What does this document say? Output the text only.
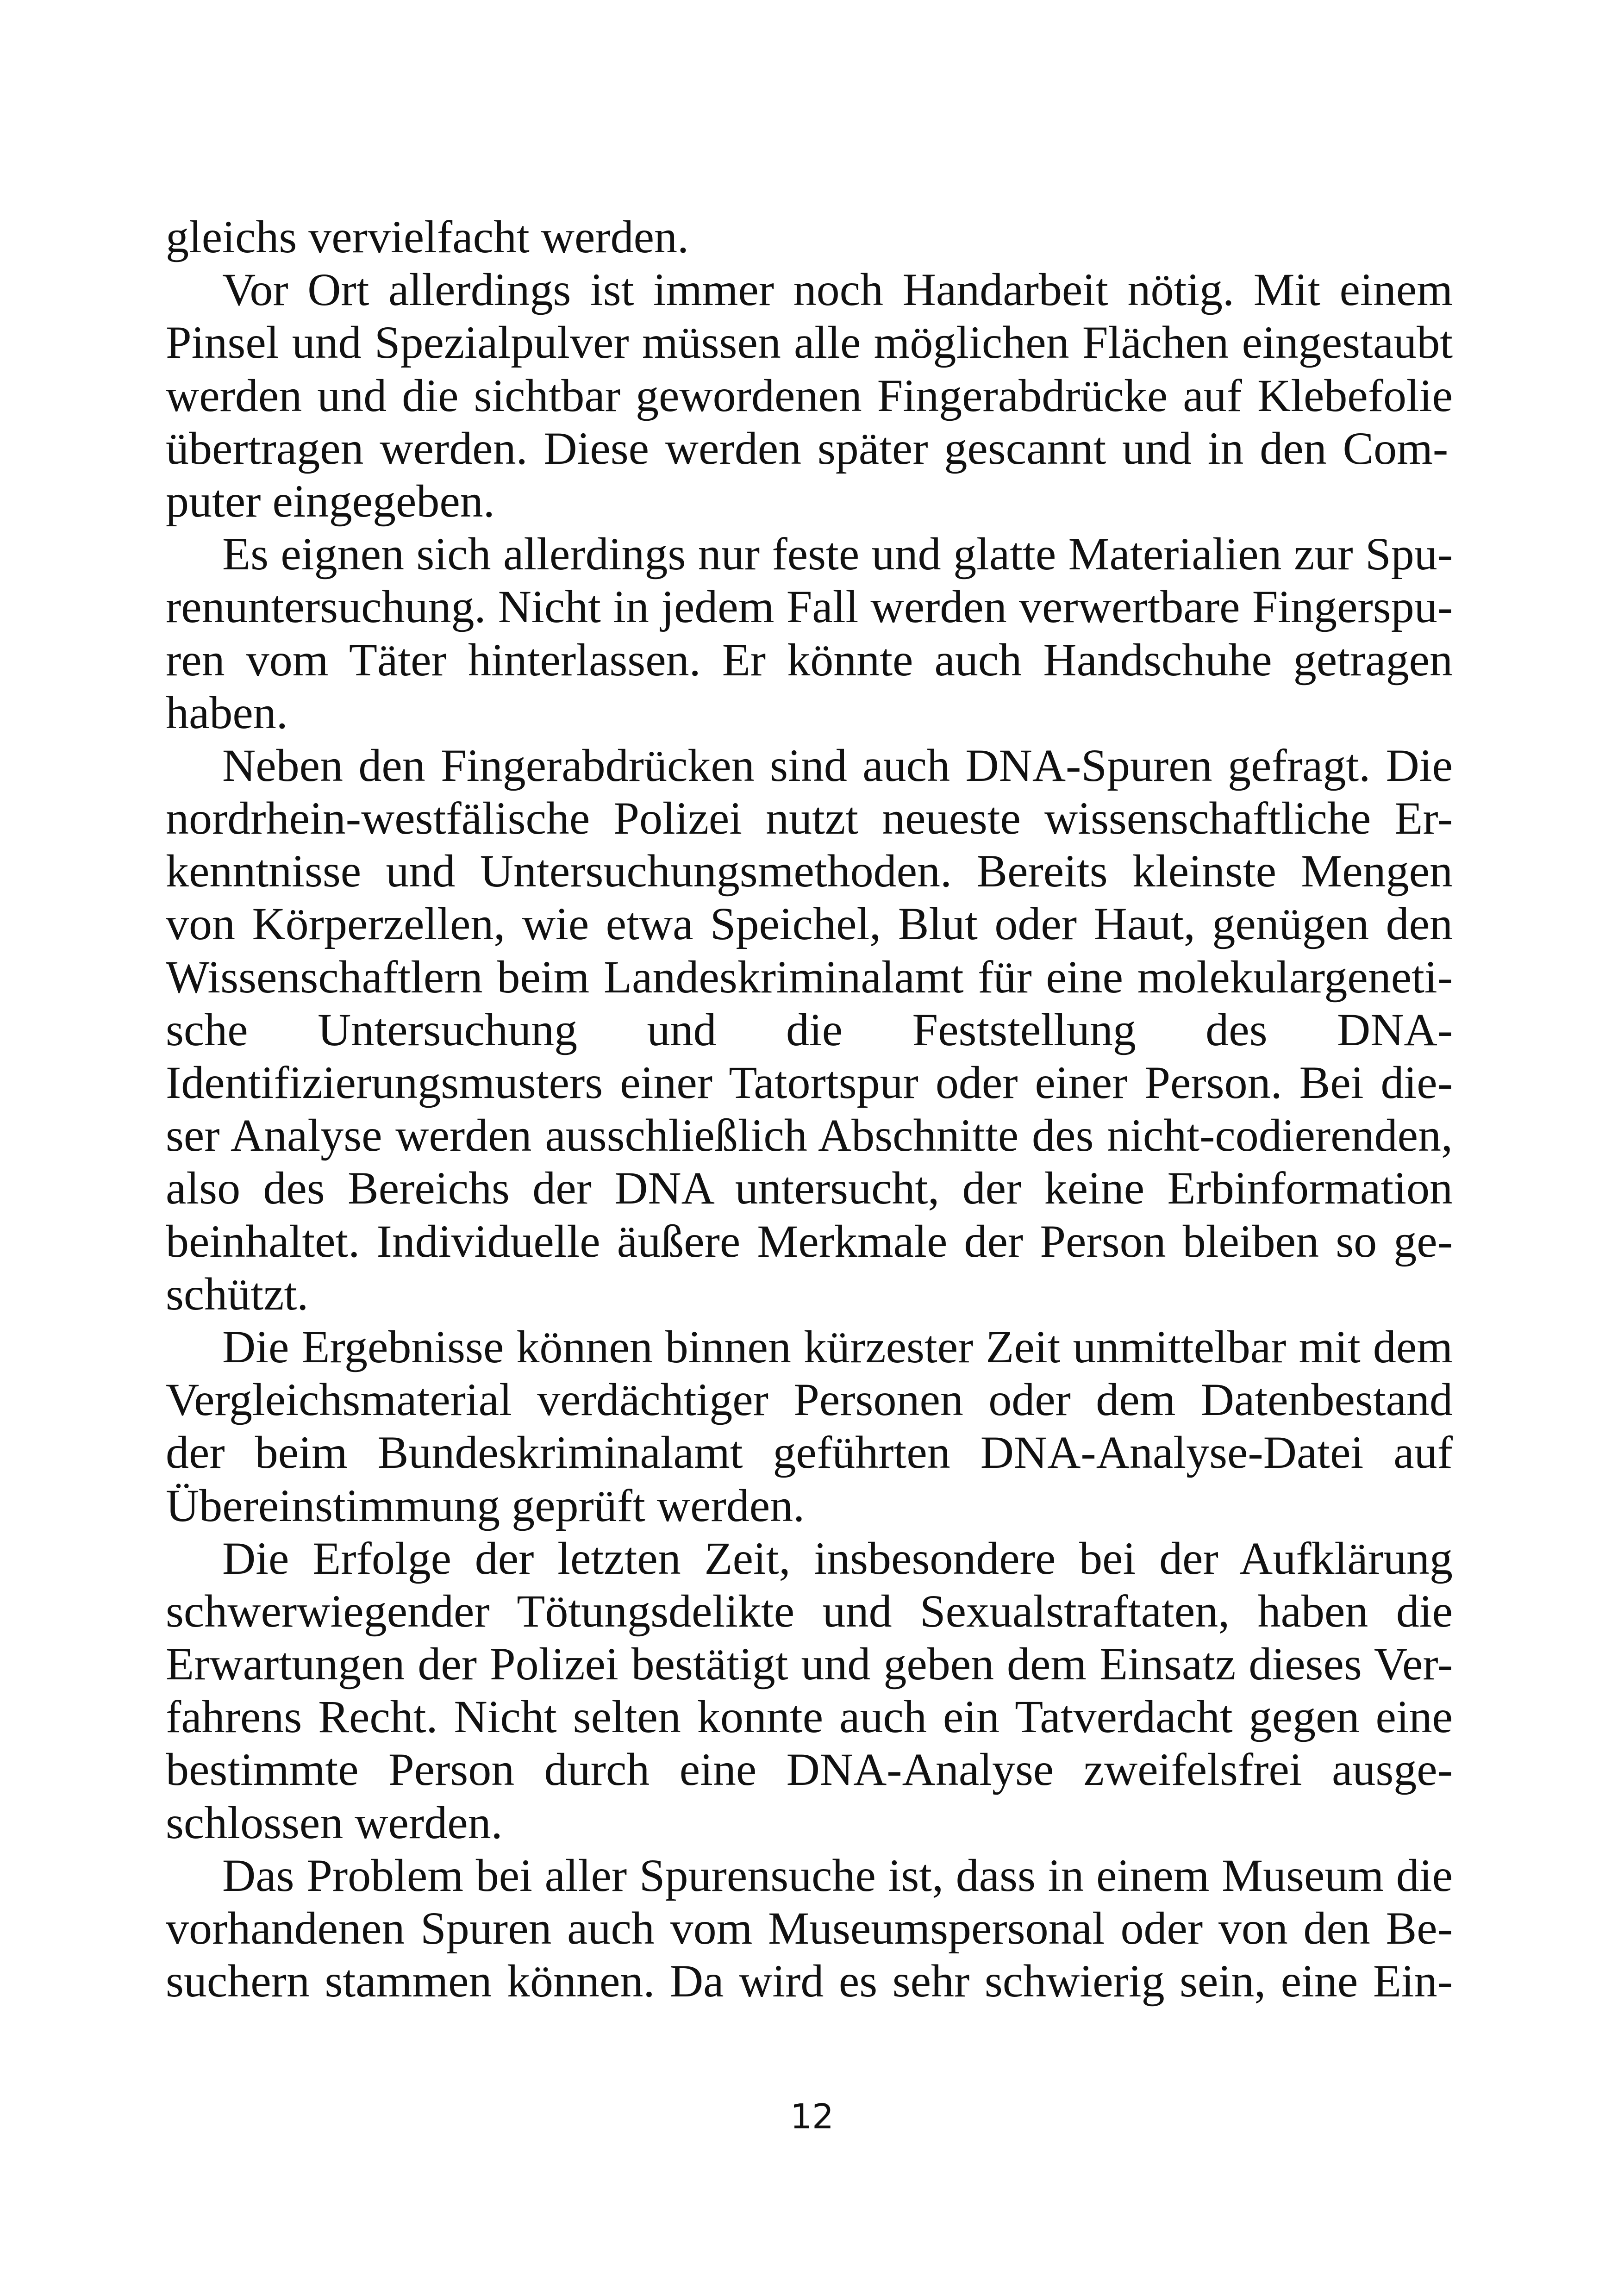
gleichs vervielfacht werden.
Vor Ort allerdings ist immer noch Handarbeit nötig. Mit einem
Pinsel und Spezialpulver müssen alle möglichen Flächen eingestaubt
werden und die sichtbar gewordenen Fingerabdrücke auf Klebefolie
übertragen werden. Diese werden später gescannt und in den Com-
puter eingegeben.
Es eignen sich allerdings nur feste und glatte Materialien zur Spu-
renuntersuchung. Nicht in jedem Fall werden verwertbare Fingerspu-
ren vom Täter hinterlassen. Er könnte auch Handschuhe getragen
haben.
Neben den Fingerabdrücken sind auch DNA-Spuren gefragt. Die
nordrhein-westfälische Polizei nutzt neueste wissenschaftliche Er-
kenntnisse und Untersuchungsmethoden. Bereits kleinste Mengen
von Körperzellen, wie etwa Speichel, Blut oder Haut, genügen den
Wissenschaftlern beim Landeskriminalamt für eine molekulargeneti-
sche Untersuchung und die Feststellung des DNA-
Identifizierungsmusters einer Tatortspur oder einer Person. Bei die-
ser Analyse werden ausschließlich Abschnitte des nicht-codierenden,
also des Bereichs der DNA untersucht, der keine Erbinformation
beinhaltet. Individuelle äußere Merkmale der Person bleiben so ge-
schützt.
Die Ergebnisse können binnen kürzester Zeit unmittelbar mit dem
Vergleichsmaterial verdächtiger Personen oder dem Datenbestand
der beim Bundeskriminalamt geführten DNA-Analyse-Datei auf
Übereinstimmung geprüft werden.
Die Erfolge der letzten Zeit, insbesondere bei der Aufklärung
schwerwiegender Tötungsdelikte und Sexualstraftaten, haben die
Erwartungen der Polizei bestätigt und geben dem Einsatz dieses Ver-
fahrens Recht. Nicht selten konnte auch ein Tatverdacht gegen eine
bestimmte Person durch eine DNA-Analyse zweifelsfrei ausge-
schlossen werden.
Das Problem bei aller Spurensuche ist, dass in einem Museum die
vorhandenen Spuren auch vom Museumspersonal oder von den Be-
suchern stammen können. Da wird es sehr schwierig sein, eine Ein-
12
